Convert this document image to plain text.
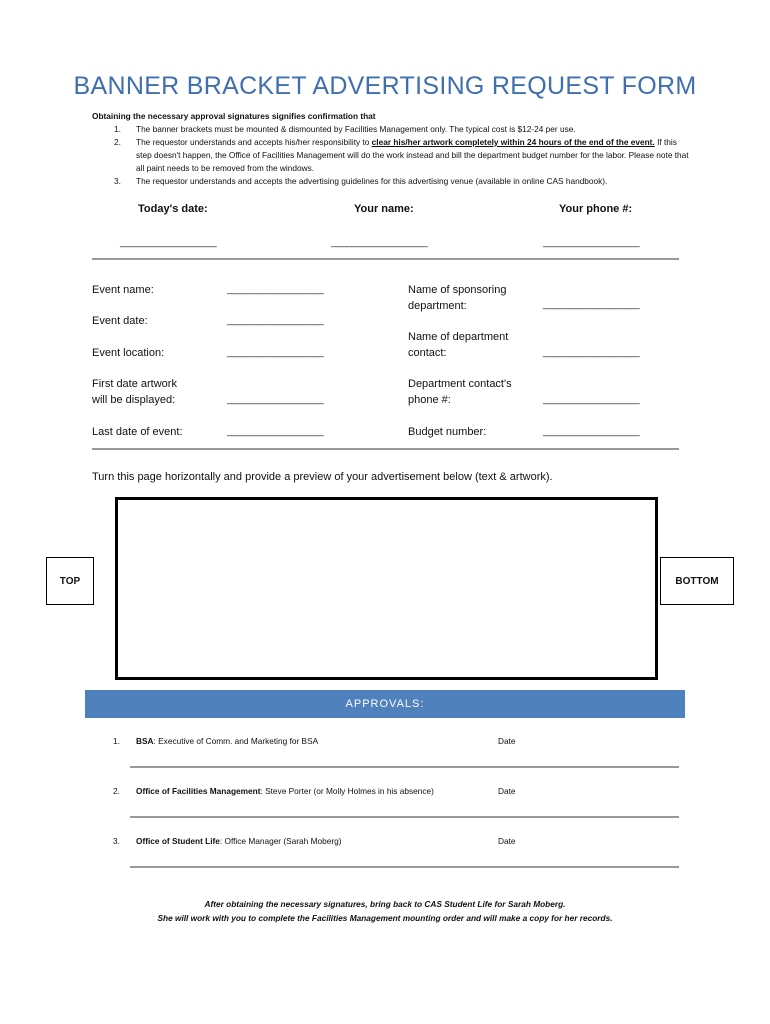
BANNER BRACKET ADVERTISING REQUEST FORM
Obtaining the necessary approval signatures signifies confirmation that
1. The banner brackets must be mounted & dismounted by Facilities Management only. The typical cost is $12-24 per use.
2. The requestor understands and accepts his/her responsibility to clear his/her artwork completely within 24 hours of the end of the event. If this step doesn't happen, the Office of Facilities Management will do the work instead and bill the department budget number for the labor. Please note that all paint needs to be removed from the windows.
3. The requestor understands and accepts the advertising guidelines for this advertising venue (available in online CAS handbook).
Today's date:	Your name:	Your phone #:
___________________	___________________	___________________
Event name:	___________________
Event date:	___________________
Event location:	___________________
First date artwork
will be displayed:	___________________
Last date of event:	___________________
Name of sponsoring
department:	___________________
Name of department
contact:	___________________
Department contact's
phone #:	___________________
Budget number:	___________________
Turn this page horizontally and provide a preview of your advertisement below (text & artwork).
TOP	BOTTOM
APPROVALS:
1. BSA: Executive of Comm. and Marketing for BSA	Date
2. Office of Facilities Management: Steve Porter (or Molly Holmes in his absence)	Date
3. Office of Student Life: Office Manager (Sarah Moberg)	Date
After obtaining the necessary signatures, bring back to CAS Student Life for Sarah Moberg.
She will work with you to complete the Facilities Management mounting order and will make a copy for her records.
